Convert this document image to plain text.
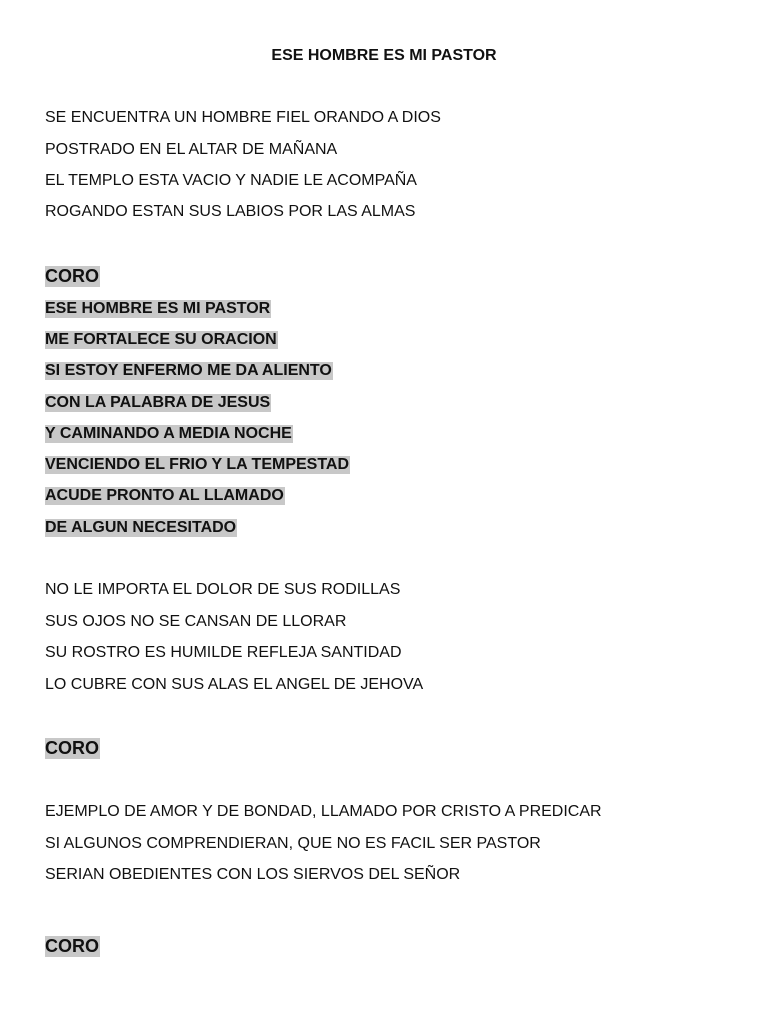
ESE HOMBRE ES MI PASTOR
SE ENCUENTRA UN HOMBRE FIEL ORANDO A DIOS
POSTRADO EN EL ALTAR DE MAÑANA
EL TEMPLO ESTA VACIO Y NADIE LE ACOMPAÑA
ROGANDO ESTAN SUS LABIOS POR LAS ALMAS
CORO
ESE HOMBRE ES MI PASTOR
ME FORTALECE SU ORACION
SI ESTOY ENFERMO ME DA ALIENTO
CON LA PALABRA DE JESUS
Y CAMINANDO A MEDIA NOCHE
VENCIENDO EL FRIO Y LA TEMPESTAD
ACUDE PRONTO AL LLAMADO
DE ALGUN NECESITADO
NO LE IMPORTA EL DOLOR DE SUS RODILLAS
SUS OJOS NO SE CANSAN DE LLORAR
SU ROSTRO ES HUMILDE REFLEJA SANTIDAD
LO CUBRE CON SUS ALAS EL ANGEL DE JEHOVA
CORO
EJEMPLO DE AMOR Y DE BONDAD, LLAMADO POR CRISTO A PREDICAR
SI ALGUNOS COMPRENDIERAN, QUE NO ES FACIL SER PASTOR
SERIAN OBEDIENTES CON LOS SIERVOS DEL SEÑOR
CORO
